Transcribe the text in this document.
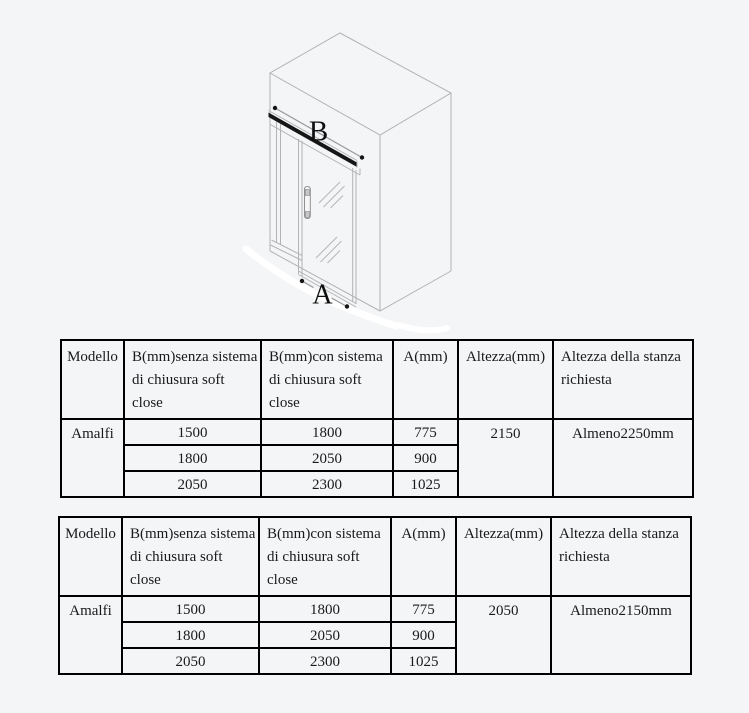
B
A
Modello	B(mm)senza sistema di chiusura soft close	B(mm)con sistema di chiusura soft close	A(mm)	Altezza(mm)	Altezza della stanza richiesta
Amalfi	1500	1800	775	2150	Almeno2250mm
	1800	2050	900		
	2050	2300	1025		
Modello	B(mm)senza sistema di chiusura soft close	B(mm)con sistema di chiusura soft close	A(mm)	Altezza(mm)	Altezza della stanza richiesta
Amalfi	1500	1800	775	2050	Almeno2150mm
	1800	2050	900		
	2050	2300	1025		
